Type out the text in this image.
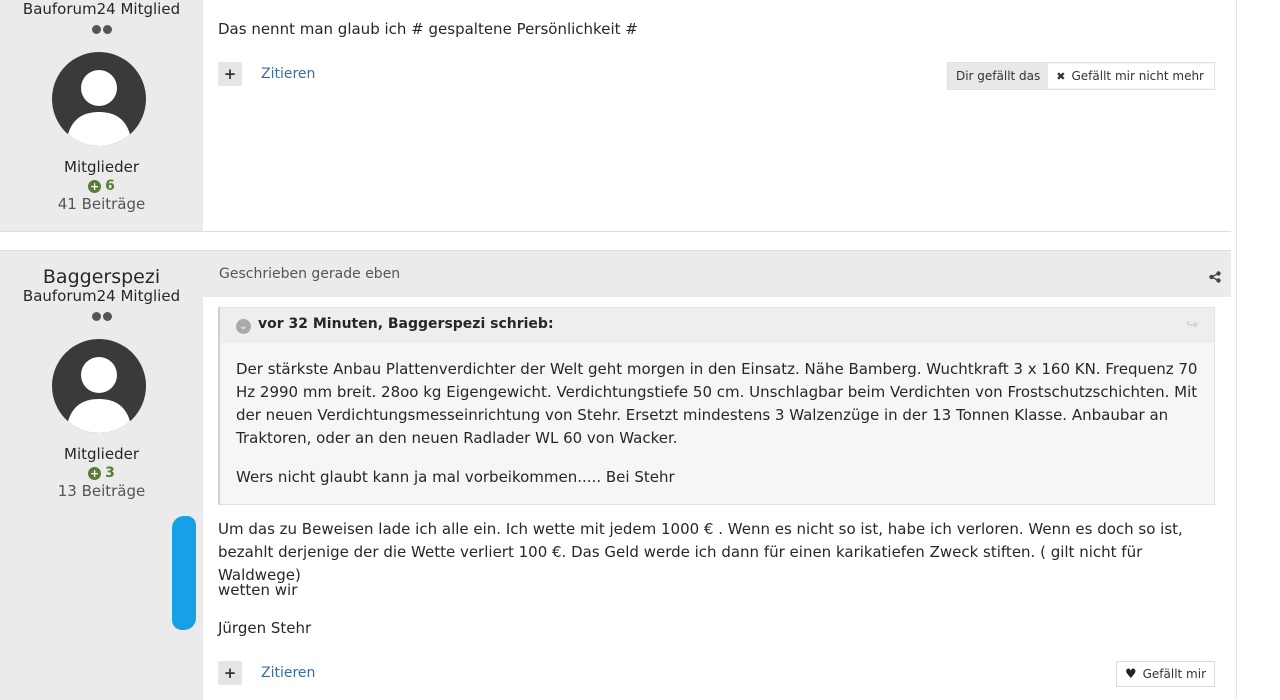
Bauforum24 Mitglied
Mitglieder
+ 6
41 Beiträge
Das nennt man glaub ich # gespaltene Persönlichkeit #
+	Zitieren	Dir gefällt das	✖ Gefällt mir nicht mehr
Baggerspezi
Bauforum24 Mitglied
Mitglieder
+ 3
13 Beiträge
Geschrieben gerade eben
⌄ vor 32 Minuten, Baggerspezi schrieb:	↪

Der stärkste Anbau Plattenverdichter der Welt geht morgen in den Einsatz. Nähe Bamberg. Wuchtkraft 3 x 160 KN. Frequenz 70 Hz 2990 mm breit. 28oo kg Eigengewicht. Verdichtungstiefe 50 cm. Unschlagbar beim Verdichten von Frostschutzschichten. Mit der neuen Verdichtungsmesseinrichtung von Stehr. Ersetzt mindestens 3 Walzenzüge in der 13 Tonnen Klasse. Anbaubar an Traktoren, oder an den neuen Radlader WL 60 von Wacker.

Wers nicht glaubt kann ja mal vorbeikommen..... Bei Stehr

Um das zu Beweisen lade ich alle ein. Ich wette mit jedem 1000 € . Wenn es nicht so ist, habe ich verloren. Wenn es doch so ist, bezahlt derjenige der die Wette verliert 100 €. Das Geld werde ich dann für einen karikatiefen Zweck stiften. ( gilt nicht für Waldwege)
wetten wir
Jürgen Stehr
+	Zitieren	♥ Gefällt mir
